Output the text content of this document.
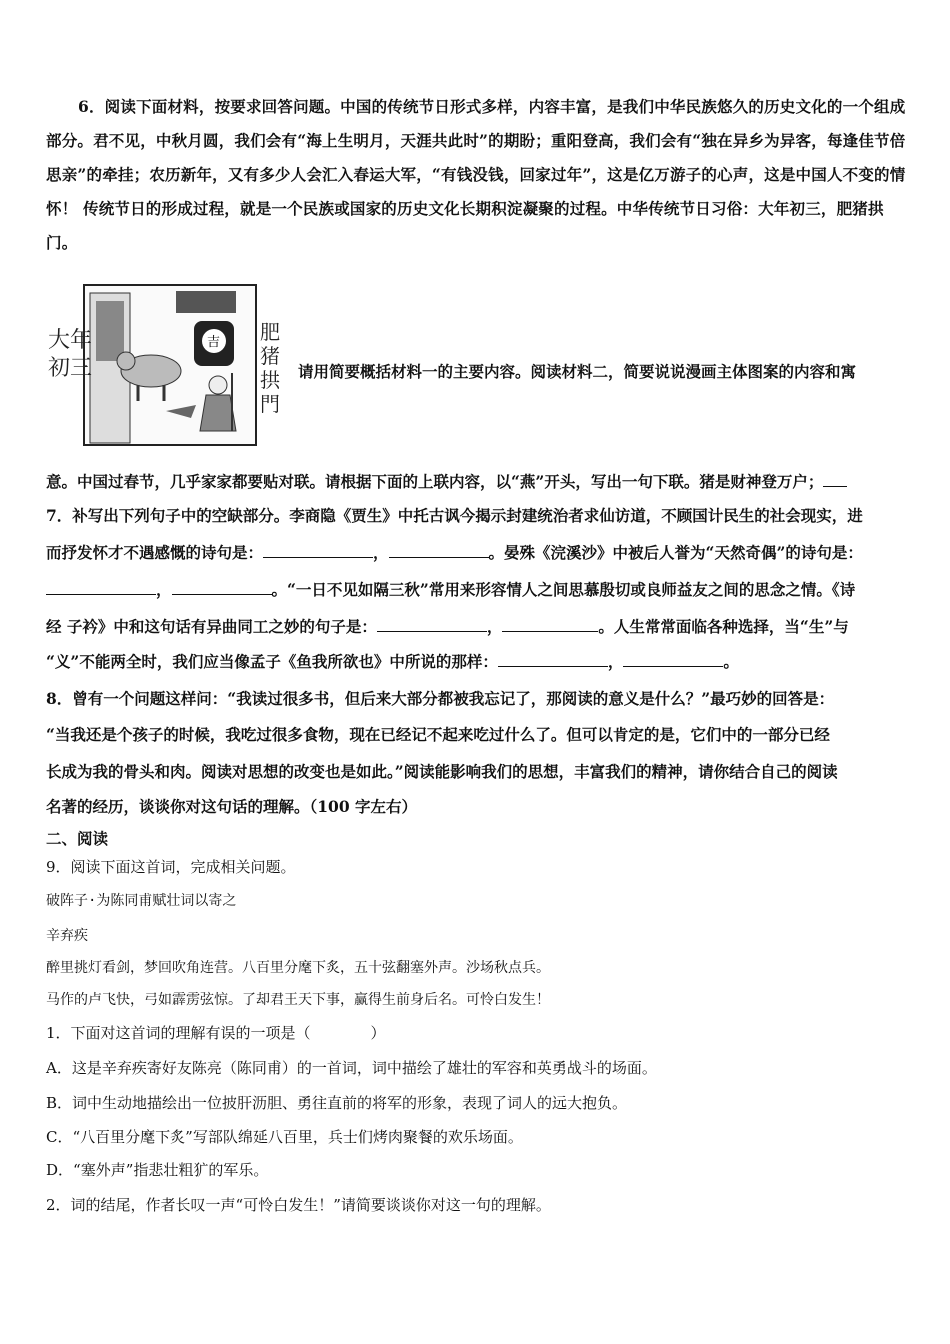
6．阅读下面材料，按要求回答问题。中国的传统节日形式多样，内容丰富，是我们中华民族悠久的历史文化的一个组成部分。君不见，中秋月圆，我们会有“海上生明月，天涯共此时”的期盼；重阳登高，我们会有“独在异乡为异客，每逢佳节倍思亲”的牵挂；农历新年，又有多少人会汇入春运大军，“有钱没钱，回家过年”，这是亿万游子的心声，这是中国人不变的情怀！ 传统节日的形成过程，就是一个民族或国家的历史文化长期积淀凝聚的过程。中华传统节日习俗：大年初三，肥猪拱门。
吉
大年
初三
肥
猪
拱
門
请用简要概括材料一的主要内容。阅读材料二，简要说说漫画主体图案的内容和寓
意。中国过春节，几乎家家都要贴对联。请根据下面的上联内容，以“燕”开头，写出一句下联。猪是财神登万户；
7．补写出下列句子中的空缺部分。李商隐《贾生》中托古讽今揭示封建统治者求仙访道，不顾国计民生的社会现实，进
而抒发怀才不遇感慨的诗句是：	，	。晏殊《浣溪沙》中被后人誉为“天然奇偶”的诗句是：
，	。“一日不见如隔三秋”常用来形容情人之间思慕殷切或良师益友之间的思念之情。《诗
经 子衿》中和这句话有异曲同工之妙的句子是：	，	。人生常常面临各种选择，当“生”与
“义”不能两全时，我们应当像孟子《鱼我所欲也》中所说的那样：	，	。
8．曾有一个问题这样问：“我读过很多书，但后来大部分都被我忘记了，那阅读的意义是什么？”最巧妙的回答是：
“当我还是个孩子的时候，我吃过很多食物，现在已经记不起来吃过什么了。但可以肯定的是，它们中的一部分已经
长成为我的骨头和肉。阅读对思想的改变也是如此。”阅读能影响我们的思想，丰富我们的精神，请你结合自己的阅读
名著的经历，谈谈你对这句话的理解。（100 字左右）
二、阅读
9．阅读下面这首词，完成相关问题。
破阵子·为陈同甫赋壮词以寄之
辛弃疾
醉里挑灯看剑，梦回吹角连营。八百里分麾下炙，五十弦翻塞外声。沙场秋点兵。
马作的卢飞快，弓如霹雳弦惊。了却君王天下事，赢得生前身后名。可怜白发生！
1．下面对这首词的理解有误的一项是（　　　　）
A．这是辛弃疾寄好友陈亮（陈同甫）的一首词，词中描绘了雄壮的军容和英勇战斗的场面。
B．词中生动地描绘出一位披肝沥胆、勇往直前的将军的形象，表现了词人的远大抱负。
C．“八百里分麾下炙”写部队绵延八百里，兵士们烤肉聚餐的欢乐场面。
D．“塞外声”指悲壮粗犷的军乐。
2．词的结尾，作者长叹一声“可怜白发生！”请简要谈谈你对这一句的理解。
